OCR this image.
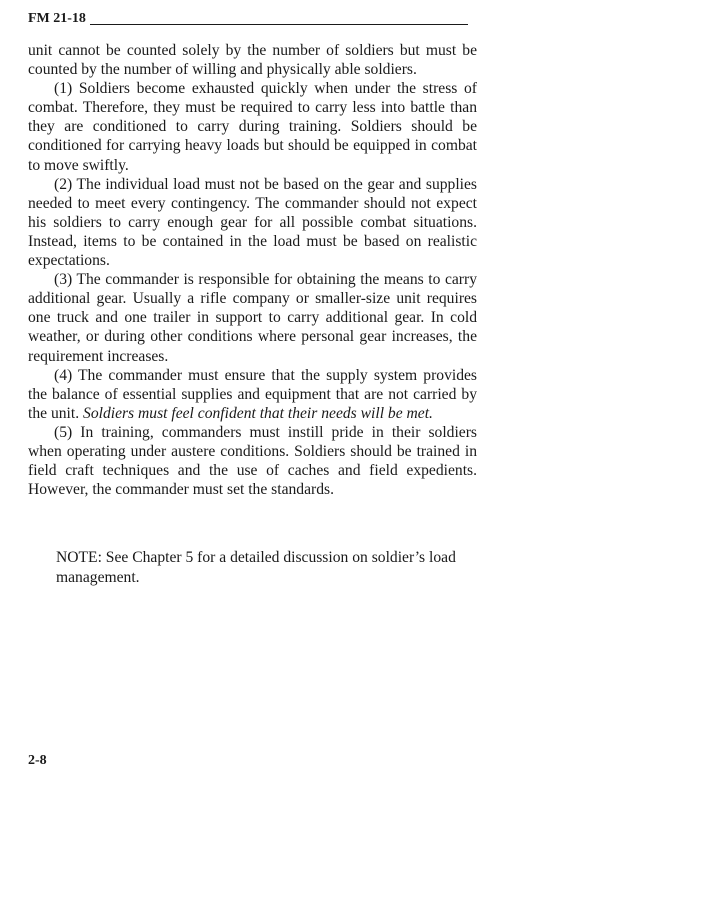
FM 21-18

unit cannot be counted solely by the number of soldiers but must be counted by the number of willing and physically able soldiers.

(1) Soldiers become exhausted quickly when under the stress of combat. Therefore, they must be required to carry less into battle than they are conditioned to carry during training. Soldiers should be conditioned for carrying heavy loads but should be equipped in combat to move swiftly.

(2) The individual load must not be based on the gear and supplies needed to meet every contingency. The commander should not expect his soldiers to carry enough gear for all possible combat situations. Instead, items to be contained in the load must be based on realistic expectations.

(3) The commander is responsible for obtaining the means to carry additional gear. Usually a rifle company or smaller-size unit requires one truck and one trailer in support to carry additional gear. In cold weather, or during other conditions where personal gear increases, the requirement increases.

(4) The commander must ensure that the supply system provides the balance of essential supplies and equipment that are not carried by the unit. Soldiers must feel confident that their needs will be met.

(5) In training, commanders must instill pride in their soldiers when operating under austere conditions. Soldiers should be trained in field craft techniques and the use of caches and field expedients. However, the commander must set the standards.

NOTE: See Chapter 5 for a detailed discussion on soldier’s load management.

2-8
